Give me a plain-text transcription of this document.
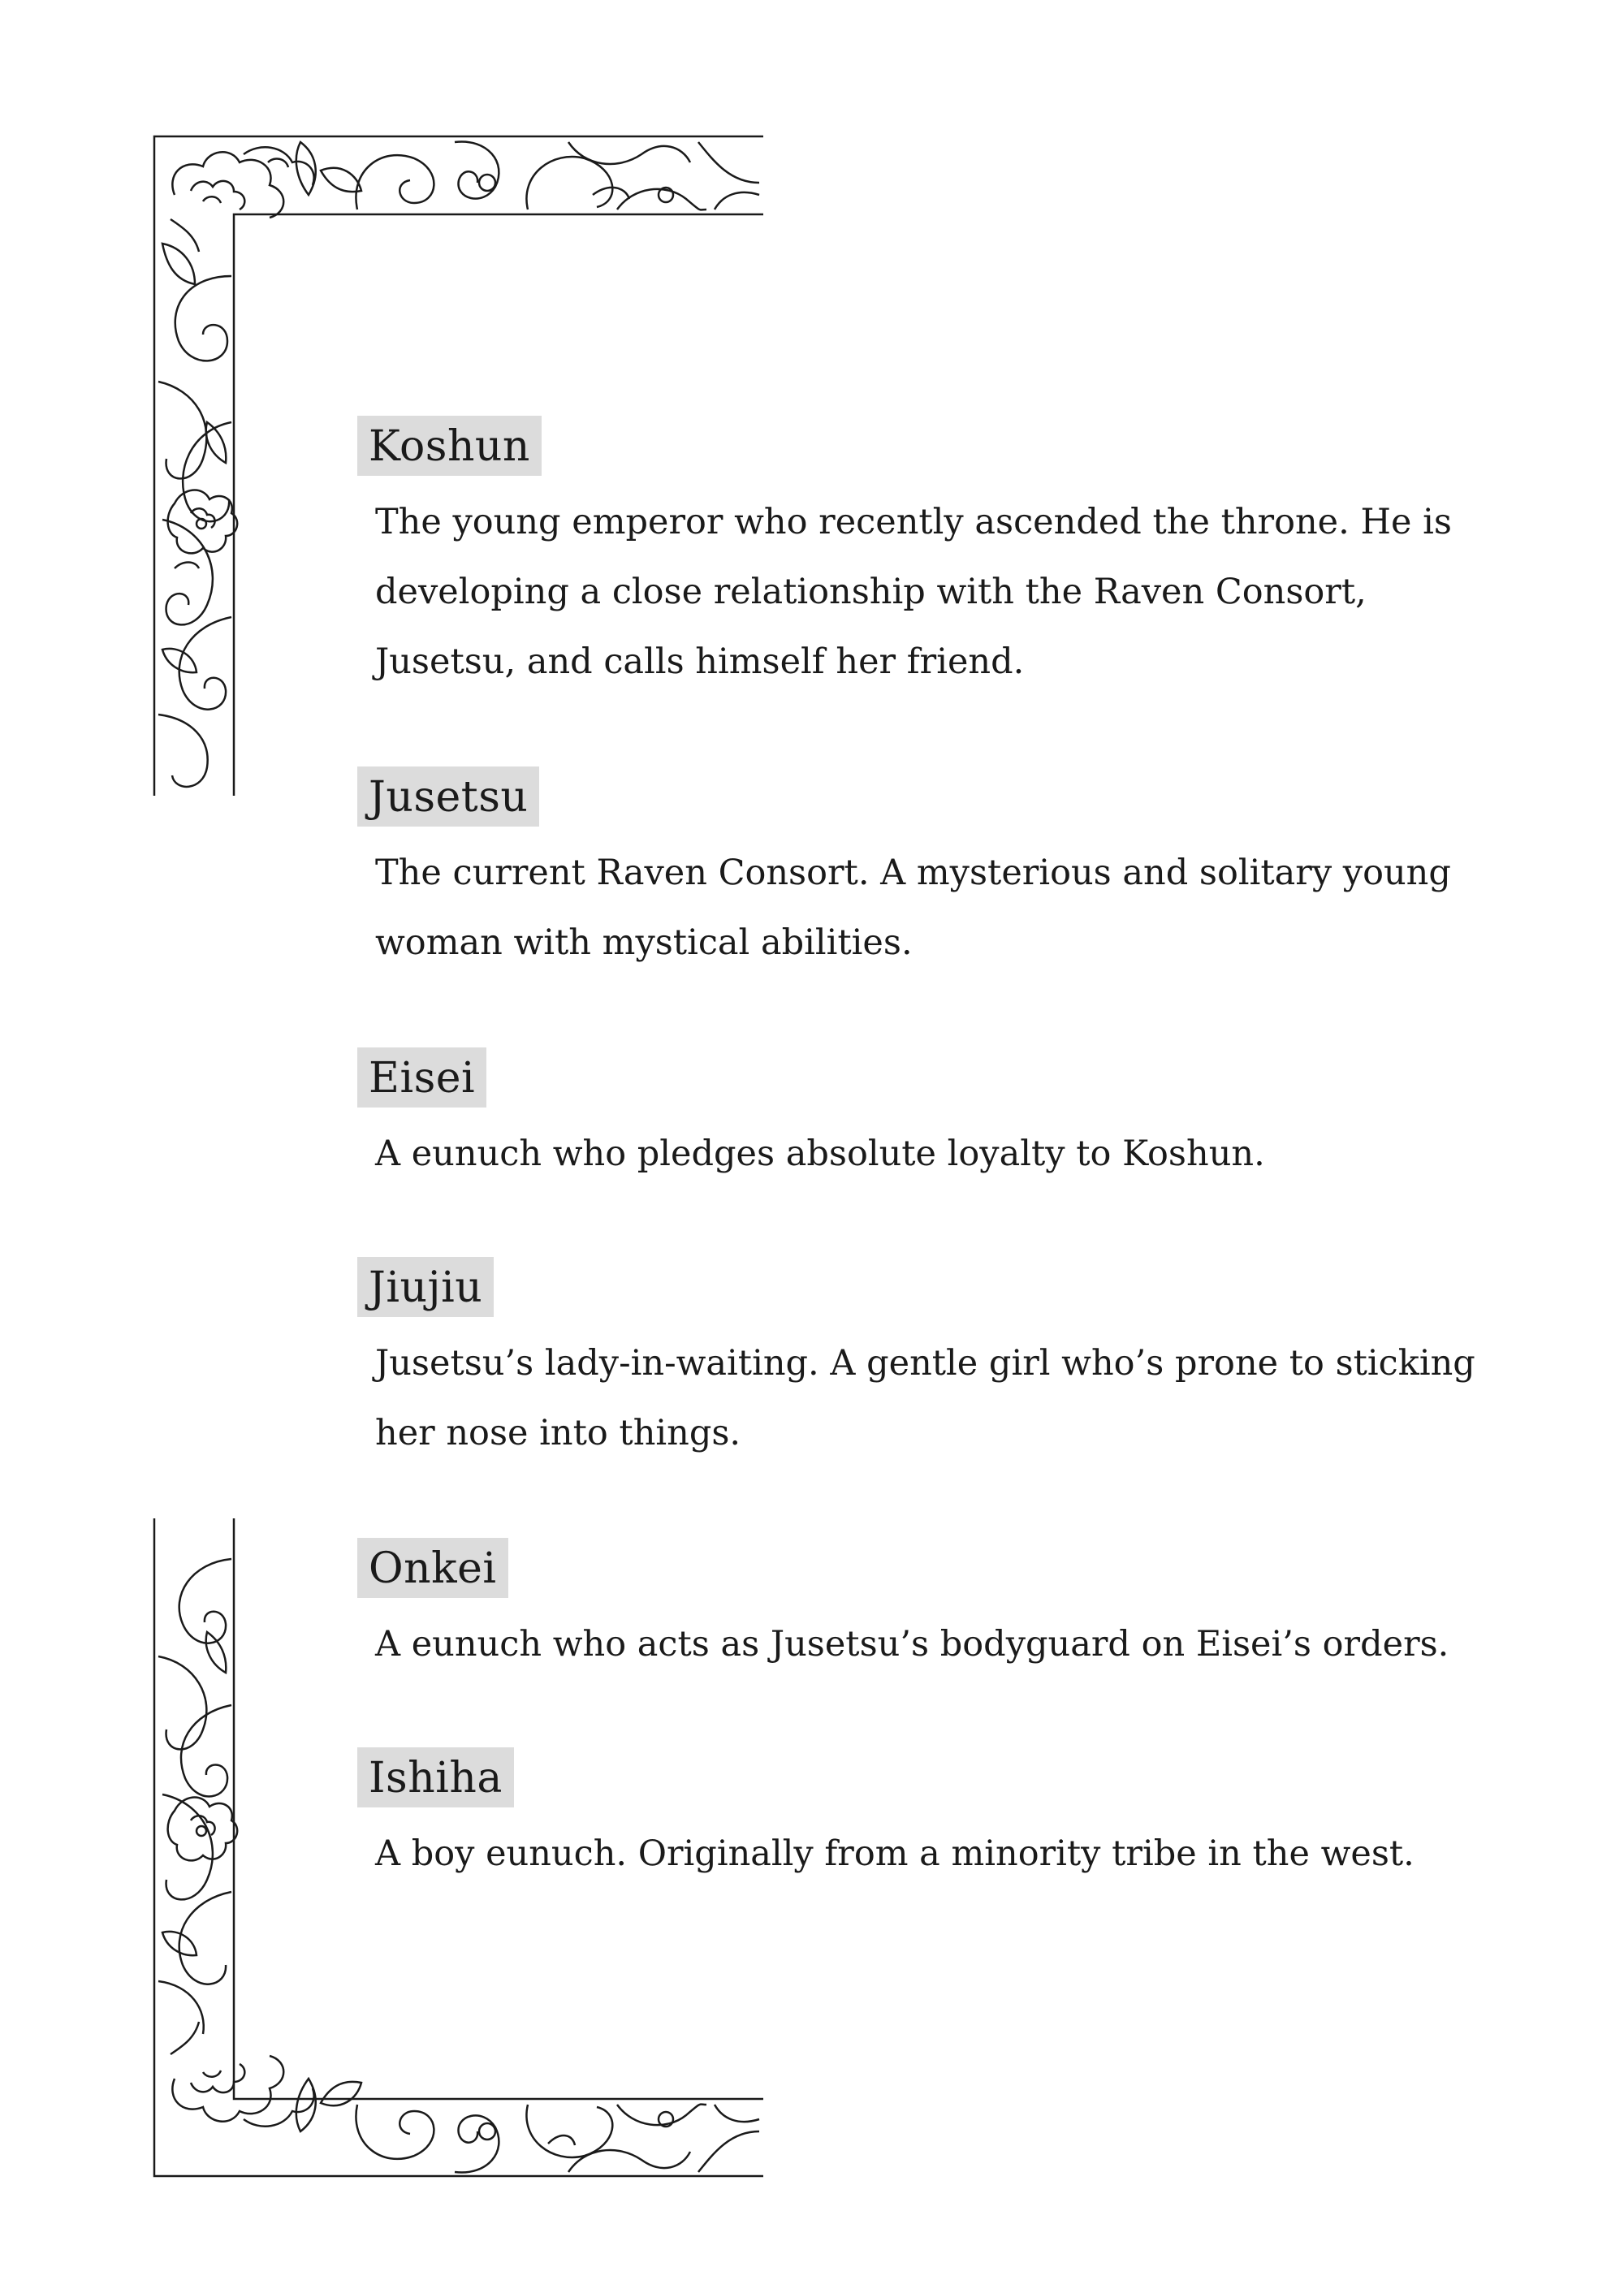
Koshun
The young emperor who recently ascended the throne. He is developing a close relationship with the Raven Consort, Jusetsu, and calls himself her friend.
Jusetsu
The current Raven Consort. A mysterious and solitary young woman with mystical abilities.
Eisei
A eunuch who pledges absolute loyalty to Koshun.
Jiujiu
Jusetsu’s lady-in-waiting. A gentle girl who’s prone to sticking her nose into things.
Onkei
A eunuch who acts as Jusetsu’s bodyguard on Eisei’s orders.
Ishiha
A boy eunuch. Originally from a minority tribe in the west.
